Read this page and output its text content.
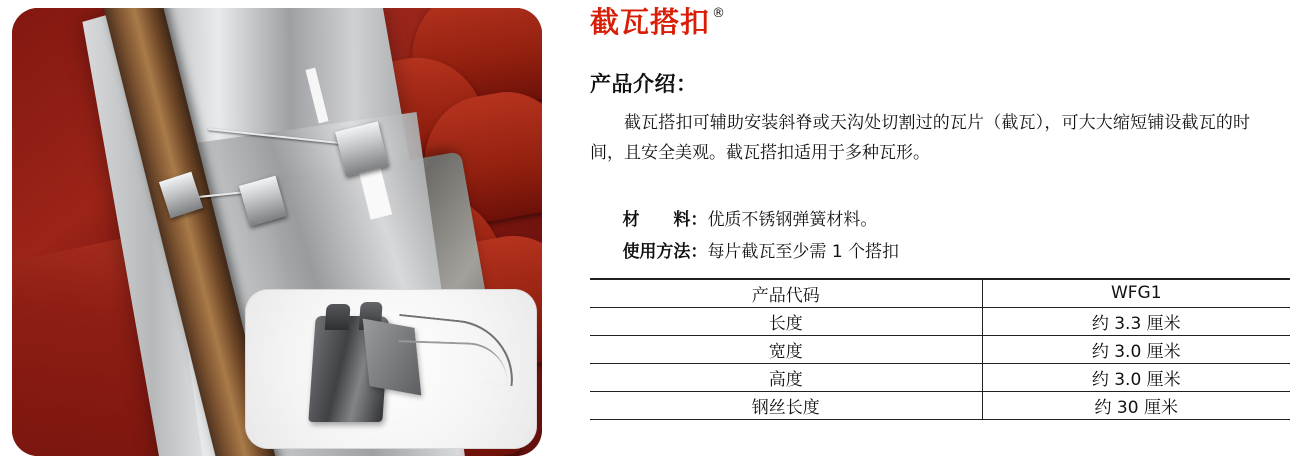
截瓦搭扣 ®
产品介绍：
截瓦搭扣可辅助安装斜脊或天沟处切割过的瓦片（截瓦），可大大缩短铺设截瓦的时间，且安全美观。截瓦搭扣适用于多种瓦形。

材　　料：优质不锈钢弹簧材料。

使用方法：每片截瓦至少需 1 个搭扣

产品代码	WFG1
长度	约 3.3 厘米
宽度	约 3.0 厘米
高度	约 3.0 厘米
钢丝长度	约 30 厘米
